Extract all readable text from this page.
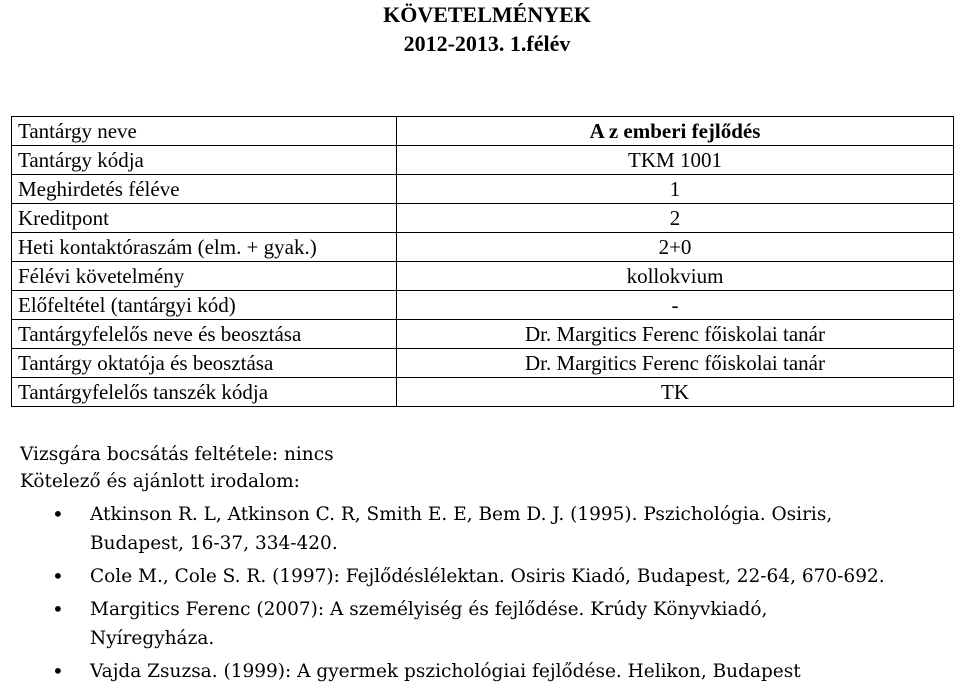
KÖVETELMÉNYEK
2012-2013. 1.félév
Tantárgy neve	A z emberi fejlődés
Tantárgy kódja	TKM 1001
Meghirdetés féléve	1
Kreditpont	2
Heti kontaktóraszám (elm. + gyak.)	2+0
Félévi követelmény	kollokvium
Előfeltétel (tantárgyi kód)	-
Tantárgyfelelős neve és beosztása	Dr. Margitics Ferenc főiskolai tanár
Tantárgy oktatója és beosztása	Dr. Margitics Ferenc főiskolai tanár
Tantárgyfelelős tanszék kódja	TK
Vizsgára bocsátás feltétele: nincs
Kötelező és ajánlott irodalom:
• Atkinson R. L, Atkinson C. R, Smith E. E, Bem D. J. (1995). Pszichológia. Osiris,
Budapest, 16-37, 334-420.
• Cole M., Cole S. R. (1997): Fejlődéslélektan. Osiris Kiadó, Budapest, 22-64, 670-692.
• Margitics Ferenc (2007): A személyiség és fejlődése. Krúdy Könyvkiadó,
Nyíregyháza.
• Vajda Zsuzsa. (1999): A gyermek pszichológiai fejlődése. Helikon, Budapest
